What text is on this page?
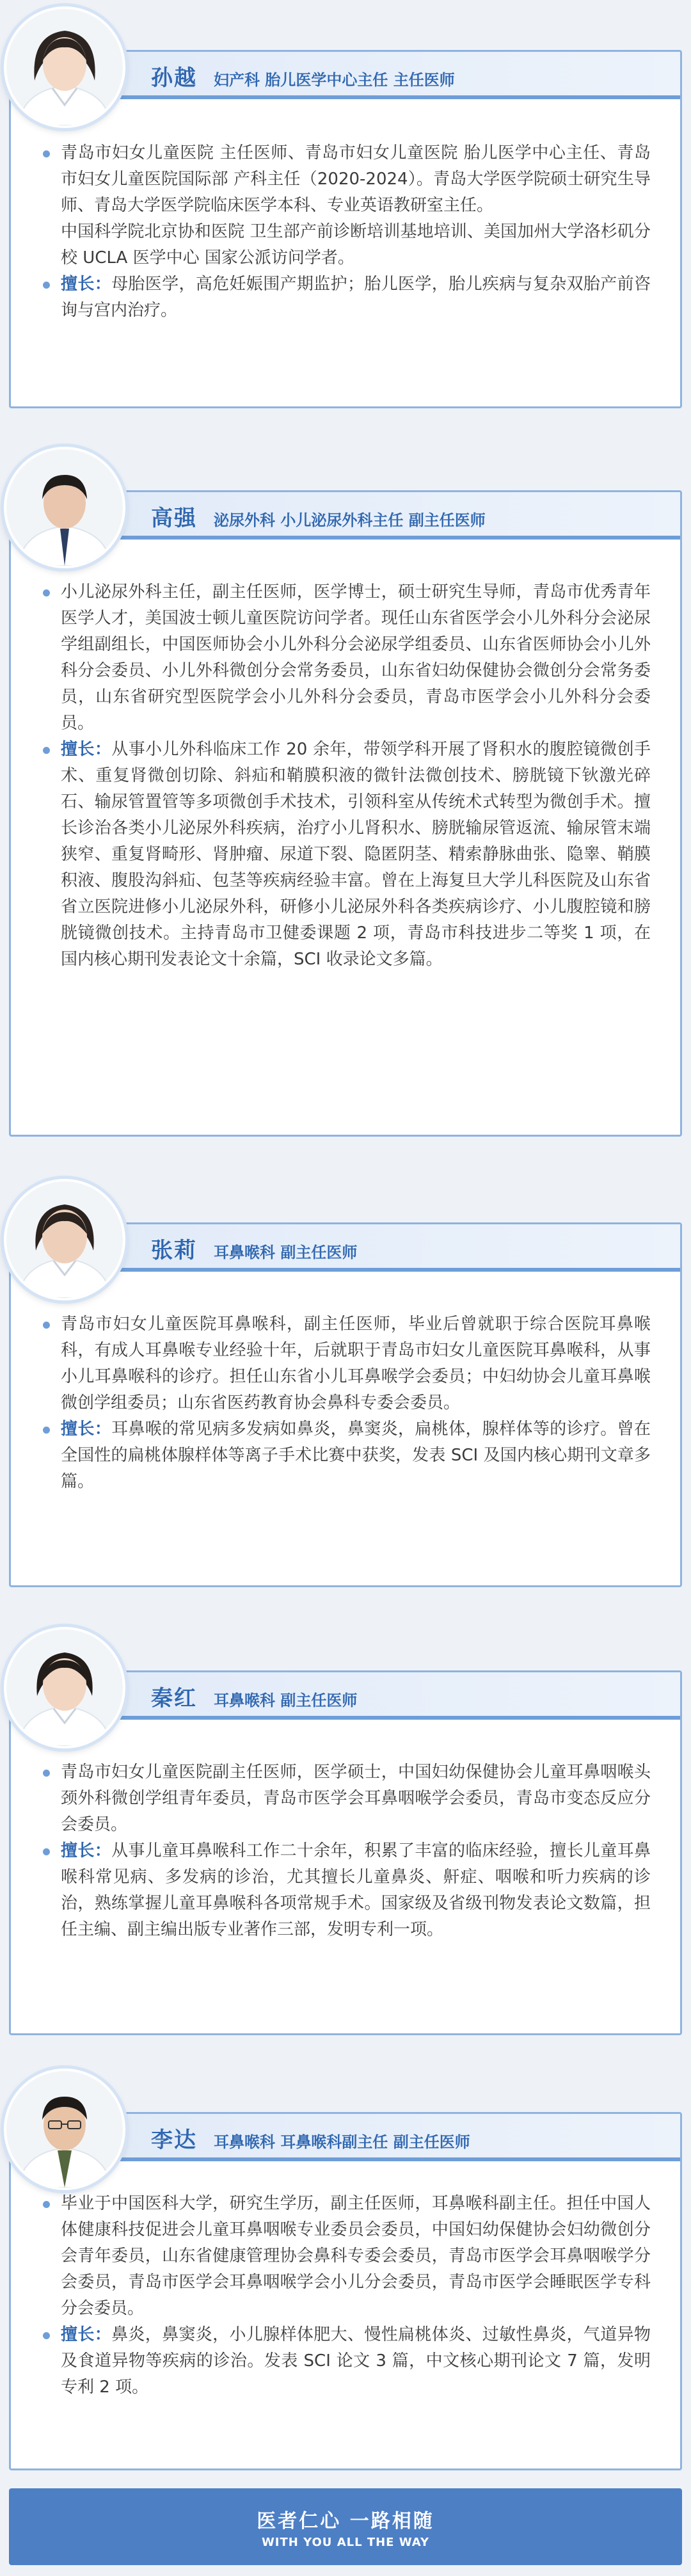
青岛市妇女儿童医院 主任医师、青岛市妇女儿童医院 胎儿医学中心主任、青岛市妇女儿童医院国际部 产科主任（2020-2024）。青岛大学医学院硕士研究生导师、青岛大学医学院临床医学本科、专业英语教研室主任。
中国科学院北京协和医院 卫生部产前诊断培训基地培训、美国加州大学洛杉矶分校 UCLA 医学中心 国家公派访问学者。
擅长：母胎医学，高危妊娠围产期监护；胎儿医学，胎儿疾病与复杂双胎产前咨询与宫内治疗。
孙越 妇产科 胎儿医学中心主任 主任医师
小儿泌尿外科主任，副主任医师，医学博士，硕士研究生导师，青岛市优秀青年医学人才，美国波士顿儿童医院访问学者。现任山东省医学会小儿外科分会泌尿学组副组长，中国医师协会小儿外科分会泌尿学组委员、山东省医师协会小儿外科分会委员、小儿外科微创分会常务委员，山东省妇幼保健协会微创分会常务委员，山东省研究型医院学会小儿外科分会委员，青岛市医学会小儿外科分会委员。
擅长：从事小儿外科临床工作 20 余年，带领学科开展了肾积水的腹腔镜微创手术、重复肾微创切除、斜疝和鞘膜积液的微针法微创技术、膀胱镜下钬激光碎石、输尿管置管等多项微创手术技术，引领科室从传统术式转型为微创手术。擅长诊治各类小儿泌尿外科疾病，治疗小儿肾积水、膀胱输尿管返流、输尿管末端狭窄、重复肾畸形、肾肿瘤、尿道下裂、隐匿阴茎、精索静脉曲张、隐睾、鞘膜积液、腹股沟斜疝、包茎等疾病经验丰富。曾在上海复旦大学儿科医院及山东省省立医院进修小儿泌尿外科，研修小儿泌尿外科各类疾病诊疗、小儿腹腔镜和膀胱镜微创技术。主持青岛市卫健委课题 2 项，青岛市科技进步二等奖 1 项，在国内核心期刊发表论文十余篇，SCI 收录论文多篇。
高强 泌尿外科 小儿泌尿外科主任 副主任医师
青岛市妇女儿童医院耳鼻喉科，副主任医师，毕业后曾就职于综合医院耳鼻喉科，有成人耳鼻喉专业经验十年，后就职于青岛市妇女儿童医院耳鼻喉科，从事小儿耳鼻喉科的诊疗。担任山东省小儿耳鼻喉学会委员；中妇幼协会儿童耳鼻喉微创学组委员；山东省医药教育协会鼻科专委会委员。
擅长：耳鼻喉的常见病多发病如鼻炎，鼻窦炎，扁桃体，腺样体等的诊疗。曾在全国性的扁桃体腺样体等离子手术比赛中获奖，发表 SCI 及国内核心期刊文章多篇。
张莉 耳鼻喉科 副主任医师
青岛市妇女儿童医院副主任医师，医学硕士，中国妇幼保健协会儿童耳鼻咽喉头颈外科微创学组青年委员，青岛市医学会耳鼻咽喉学会委员，青岛市变态反应分会委员。
擅长：从事儿童耳鼻喉科工作二十余年，积累了丰富的临床经验，擅长儿童耳鼻喉科常见病、多发病的诊治，尤其擅长儿童鼻炎、鼾症、咽喉和听力疾病的诊治，熟练掌握儿童耳鼻喉科各项常规手术。国家级及省级刊物发表论文数篇，担任主编、副主编出版专业著作三部，发明专利一项。
秦红 耳鼻喉科 副主任医师
毕业于中国医科大学，研究生学历，副主任医师，耳鼻喉科副主任。担任中国人体健康科技促进会儿童耳鼻咽喉专业委员会委员，中国妇幼保健协会妇幼微创分会青年委员，山东省健康管理协会鼻科专委会委员，青岛市医学会耳鼻咽喉学分会委员，青岛市医学会耳鼻咽喉学会小儿分会委员，青岛市医学会睡眠医学专科分会委员。
擅长：鼻炎，鼻窦炎，小儿腺样体肥大、慢性扁桃体炎、过敏性鼻炎，气道异物及食道异物等疾病的诊治。发表 SCI 论文 3 篇，中文核心期刊论文 7 篇，发明专利 2 项。
李达 耳鼻喉科 耳鼻喉科副主任 副主任医师
医者仁心 一路相随
WITH YOU ALL THE WAY
